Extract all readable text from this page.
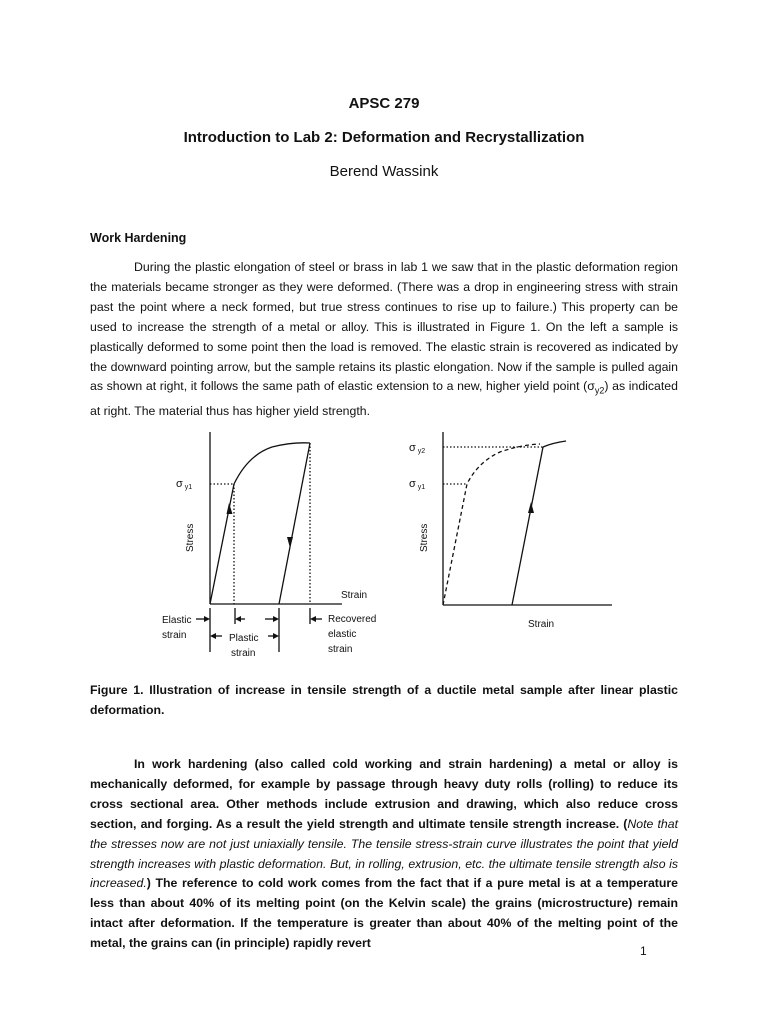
APSC 279
Introduction to Lab 2: Deformation and Recrystallization
Berend Wassink
Work Hardening

During the plastic elongation of steel or brass in lab 1 we saw that in the plastic deformation region the materials became stronger as they were deformed. (There was a drop in engineering stress with strain past the point where a neck formed, but true stress continues to rise up to failure.) This property can be used to increase the strength of a metal or alloy. This is illustrated in Figure 1. On the left a sample is plastically deformed to some point then the load is removed. The elastic strain is recovered as indicated by the downward pointing arrow, but the sample retains its plastic elongation. Now if the sample is pulled again as shown at right, it follows the same path of elastic extension to a new, higher yield point $(\sigma_{y2})$ as indicated at right. The material thus has higher yield strength.

σy1
Stress
Strain
Elastic
strain	Plastic
strain
Recovered
elastic
strain
σy2
σy1
Stress
Strain

Figure 1. Illustration of increase in tensile strength of a ductile metal sample after linear plastic deformation.

In work hardening (also called cold working and strain hardening) a metal or alloy is mechanically deformed, for example by passage through heavy duty rolls (rolling) to reduce its cross sectional area. Other methods include extrusion and drawing, which also reduce cross section, and forging. As a result the yield strength and ultimate tensile strength increase. (Note that the stresses now are not just uniaxially tensile. The tensile stress-strain curve illustrates the point that yield strength increases with plastic deformation. But, in rolling, extrusion, etc. the ultimate tensile strength also is increased.) The reference to cold work comes from the fact that if a pure metal is at a temperature less than about 40% of its melting point (on the Kelvin scale) the grains (microstructure) remain intact after deformation. If the temperature is greater than about 40% of the melting point of the metal, the grains can (in principle) rapidly revert

1
